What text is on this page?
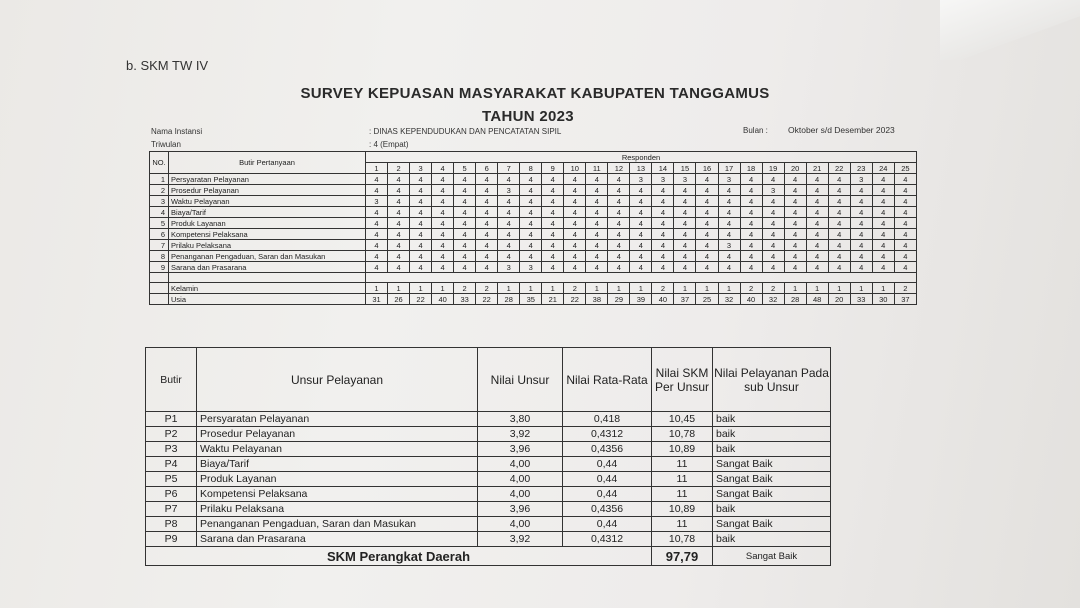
b. SKM TW IV
SURVEY KEPUASAN MASYARAKAT KABUPATEN TANGGAMUS
TAHUN 2023
Nama Instansi	: DINAS KEPENDUDUKAN DAN PENCATATAN SIPIL
Triwulan	: 4 (Empat)
Bulan : Oktober s/d Desember 2023
NO.	Butir Pertanyaan	Responden																								
		1	2	3	4	5	6	7	8	9	10	11	12	13	14	15	16	17	18	19	20	21	22	23	24	25
1	Persyaratan Pelayanan	4	4	4	4	4	4	4	4	4	4	4	4	3	3	3	4	3	4	4	4	4	4	3	4	4
2	Prosedur Pelayanan	4	4	4	4	4	4	3	4	4	4	4	4	4	4	4	4	4	4	3	4	4	4	4	4	4
3	Waktu Pelayanan	3	4	4	4	4	4	4	4	4	4	4	4	4	4	4	4	4	4	4	4	4	4	4	4	4
4	Biaya/Tarif	4	4	4	4	4	4	4	4	4	4	4	4	4	4	4	4	4	4	4	4	4	4	4	4	4
5	Produk Layanan	4	4	4	4	4	4	4	4	4	4	4	4	4	4	4	4	4	4	4	4	4	4	4	4	4
6	Kompetensi Pelaksana	4	4	4	4	4	4	4	4	4	4	4	4	4	4	4	4	4	4	4	4	4	4	4	4	4
7	Prilaku Pelaksana	4	4	4	4	4	4	4	4	4	4	4	4	4	4	4	4	3	4	4	4	4	4	4	4	4
8	Penanganan Pengaduan, Saran dan Masukan	4	4	4	4	4	4	4	4	4	4	4	4	4	4	4	4	4	4	4	4	4	4	4	4	4
9	Sarana dan Prasarana	4	4	4	4	4	4	3	3	4	4	4	4	4	4	4	4	4	4	4	4	4	4	4	4	4

	Kelamin	1	1	1	1	2	2	1	1	1	2	1	1	1	2	1	1	1	2	2	1	1	1	1	1	2
	Usia	31	26	22	40	33	22	28	35	21	22	38	29	39	40	37	25	32	40	32	28	48	20	33	30	37
Butir	Unsur Pelayanan	Nilai Unsur	Nilai Rata-Rata	Nilai SKM Per Unsur	Nilai Pelayanan Pada sub Unsur
P1	Persyaratan Pelayanan	3,80	0,418	10,45	baik
P2	Prosedur Pelayanan	3,92	0,4312	10,78	baik
P3	Waktu Pelayanan	3,96	0,4356	10,89	baik
P4	Biaya/Tarif	4,00	0,44	11	Sangat Baik
P5	Produk Layanan	4,00	0,44	11	Sangat Baik
P6	Kompetensi Pelaksana	4,00	0,44	11	Sangat Baik
P7	Prilaku Pelaksana	3,96	0,4356	10,89	baik
P8	Penanganan Pengaduan, Saran dan Masukan	4,00	0,44	11	Sangat Baik
P9	Sarana dan Prasarana	3,92	0,4312	10,78	baik
SKM Perangkat Daerah				97,79	Sangat Baik
